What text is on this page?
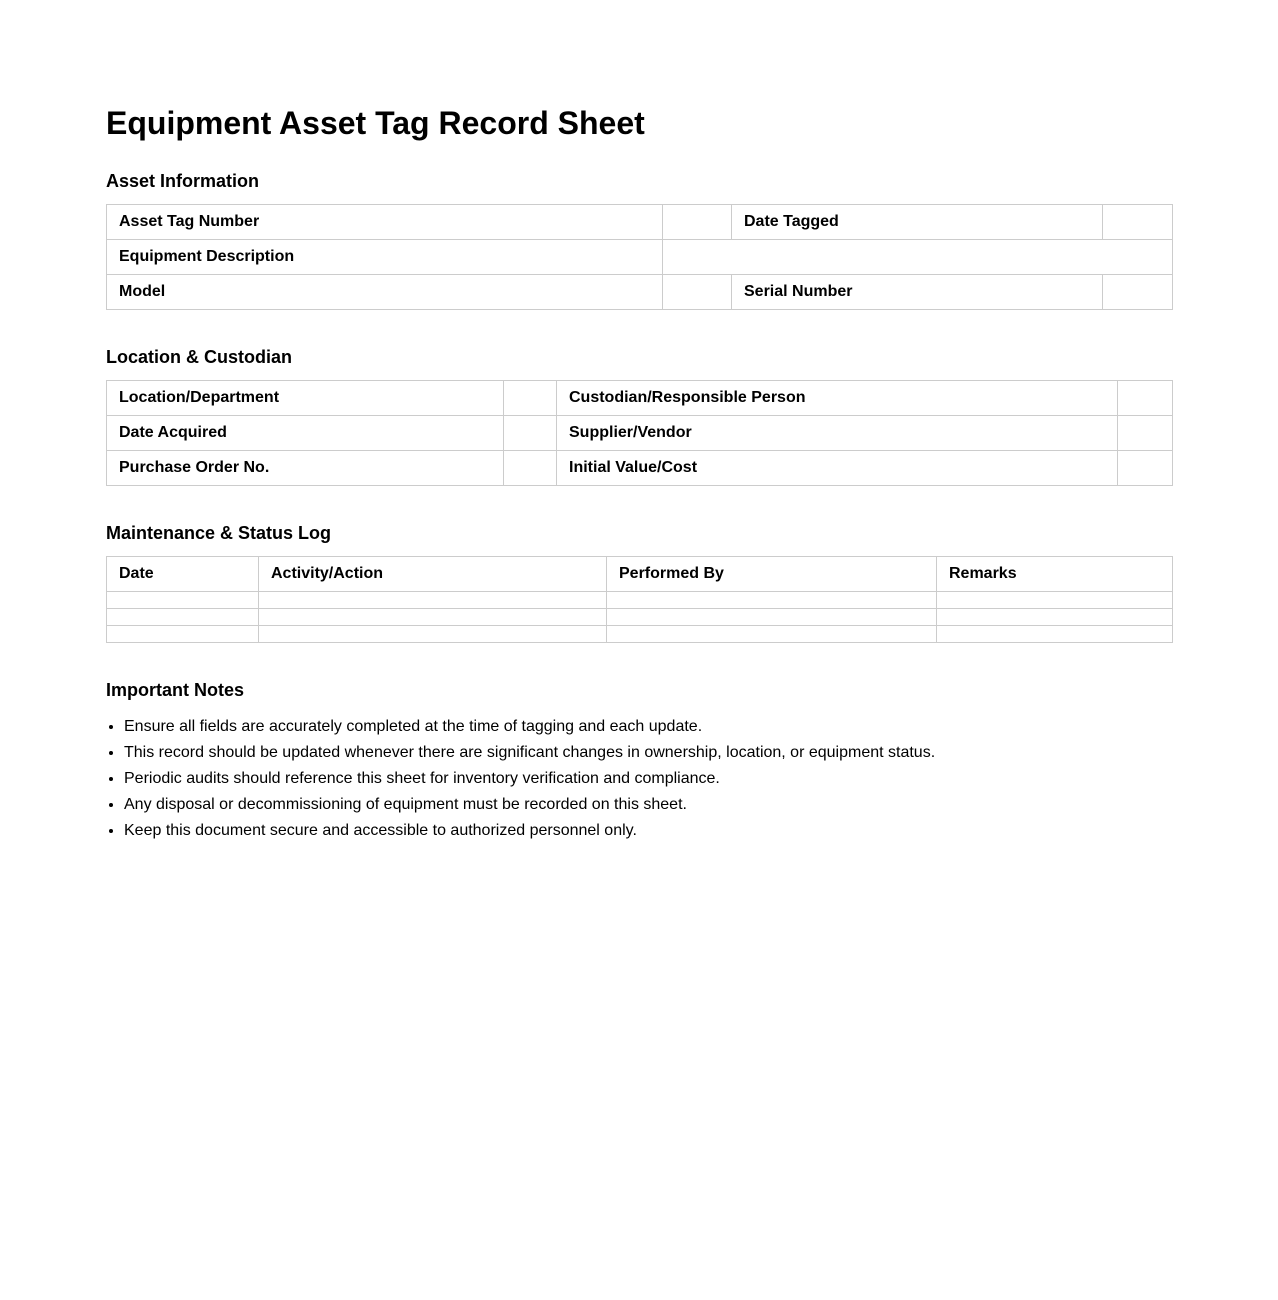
Equipment Asset Tag Record Sheet
Asset Information
Asset Tag Number		Date Tagged	
Equipment Description			
Model		Serial Number	
Location & Custodian
Location/Department		Custodian/Responsible Person	
Date Acquired		Supplier/Vendor	
Purchase Order No.		Initial Value/Cost	
Maintenance & Status Log
Date	Activity/Action	Performed By	Remarks

Important Notes
• Ensure all fields are accurately completed at the time of tagging and each update.
• This record should be updated whenever there are significant changes in ownership, location, or equipment status.
• Periodic audits should reference this sheet for inventory verification and compliance.
• Any disposal or decommissioning of equipment must be recorded on this sheet.
• Keep this document secure and accessible to authorized personnel only.
